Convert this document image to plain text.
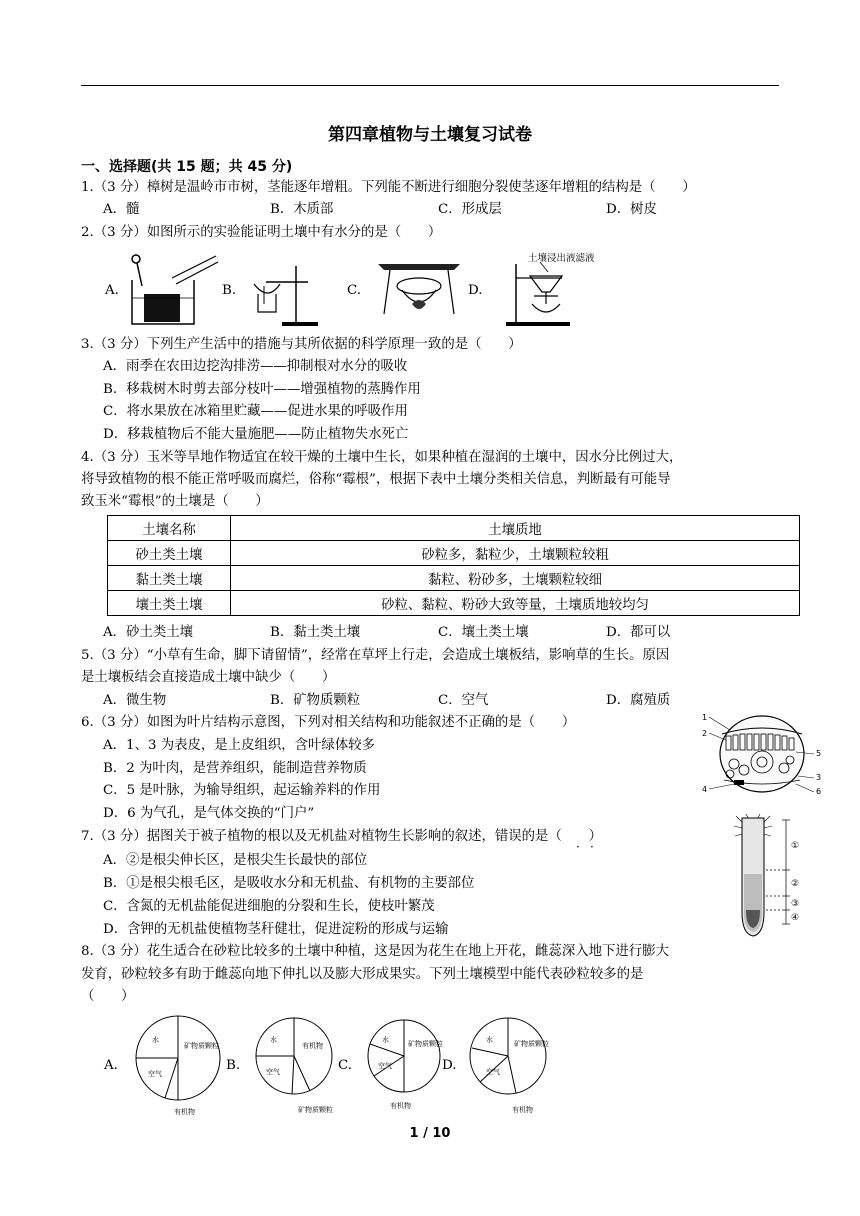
第四章植物与土壤复习试卷
一、选择题(共 15 题；共 45 分)
1.（3 分）樟树是温岭市市树，茎能逐年增粗。下列能不断进行细胞分裂使茎逐年增粗的结构是（　　）
A．髓	B．木质部	C．形成层	D．树皮
2.（3 分）如图所示的实验能证明土壤中有水分的是（　　）
A.	B.	C.	D.
土壤浸出液滤液
3.（3 分）下列生产生活中的措施与其所依据的科学原理一致的是（　　）
A．雨季在农田边挖沟排涝——抑制根对水分的吸收
B．移栽树木时剪去部分枝叶——增强植物的蒸腾作用
C．将水果放在冰箱里贮藏——促进水果的呼吸作用
D．移栽植物后不能大量施肥——防止植物失水死亡
4.（3 分）玉米等旱地作物适宜在较干燥的土壤中生长，如果种植在湿润的土壤中，因水分比例过大，
将导致植物的根不能正常呼吸而腐烂，俗称“霉根”，根据下表中土壤分类相关信息，判断最有可能导
致玉米“霉根”的土壤是（　　）
土壤名称	土壤质地
砂土类土壤	砂粒多，黏粒少，土壤颗粒较粗
黏土类土壤	黏粒、粉砂多，土壤颗粒较细
壤土类土壤	砂粒、黏粒、粉砂大致等量，土壤质地较均匀
A．砂土类土壤	B．黏土类土壤	C．壤土类土壤	D．都可以
5.（3 分）“小草有生命，脚下请留情”，经常在草坪上行走，会造成土壤板结，影响草的生长。原因
是土壤板结会直接造成土壤中缺少（　　）
A．微生物	B．矿物质颗粒	C．空气	D．腐殖质
6.（3 分）如图为叶片结构示意图，下列对相关结构和功能叙述不正确的是（　　）
A．1、3 为表皮，是上皮组织，含叶绿体较多
B．2 为叶肉，是营养组织，能制造营养物质
C．5 是叶脉，为输导组织，起运输养料的作用
D．6 为气孔，是气体交换的“门户”
1
2
3
4
5
6
7.（3 分）据图关于被子植物的根以及无机盐对植物生长影响的叙述，错误的是（　　）
· ·
A．②是根尖伸长区，是根尖生长最快的部位
B．①是根尖根毛区，是吸收水分和无机盐、有机物的主要部位
C．含氮的无机盐能促进细胞的分裂和生长，使枝叶繁茂
D．含钾的无机盐使植物茎秆健壮，促进淀粉的形成与运输
①
②
③
④
8.（3 分）花生适合在砂粒比较多的土壤中种植，这是因为花生在地上开花，雌蕊深入地下进行膨大
发育，砂粒较多有助于雌蕊向地下伸扎以及膨大形成果实。下列土壤模型中能代表砂粒较多的是
（　　）
A.
水
矿物质颗粒
空气
有机物
B.
水
有机物
空气
矿物质颗粒
C.
水	矿物质颗粒
空气
有机物
D.
水	矿物质颗粒
空气
有机物
1 / 10
